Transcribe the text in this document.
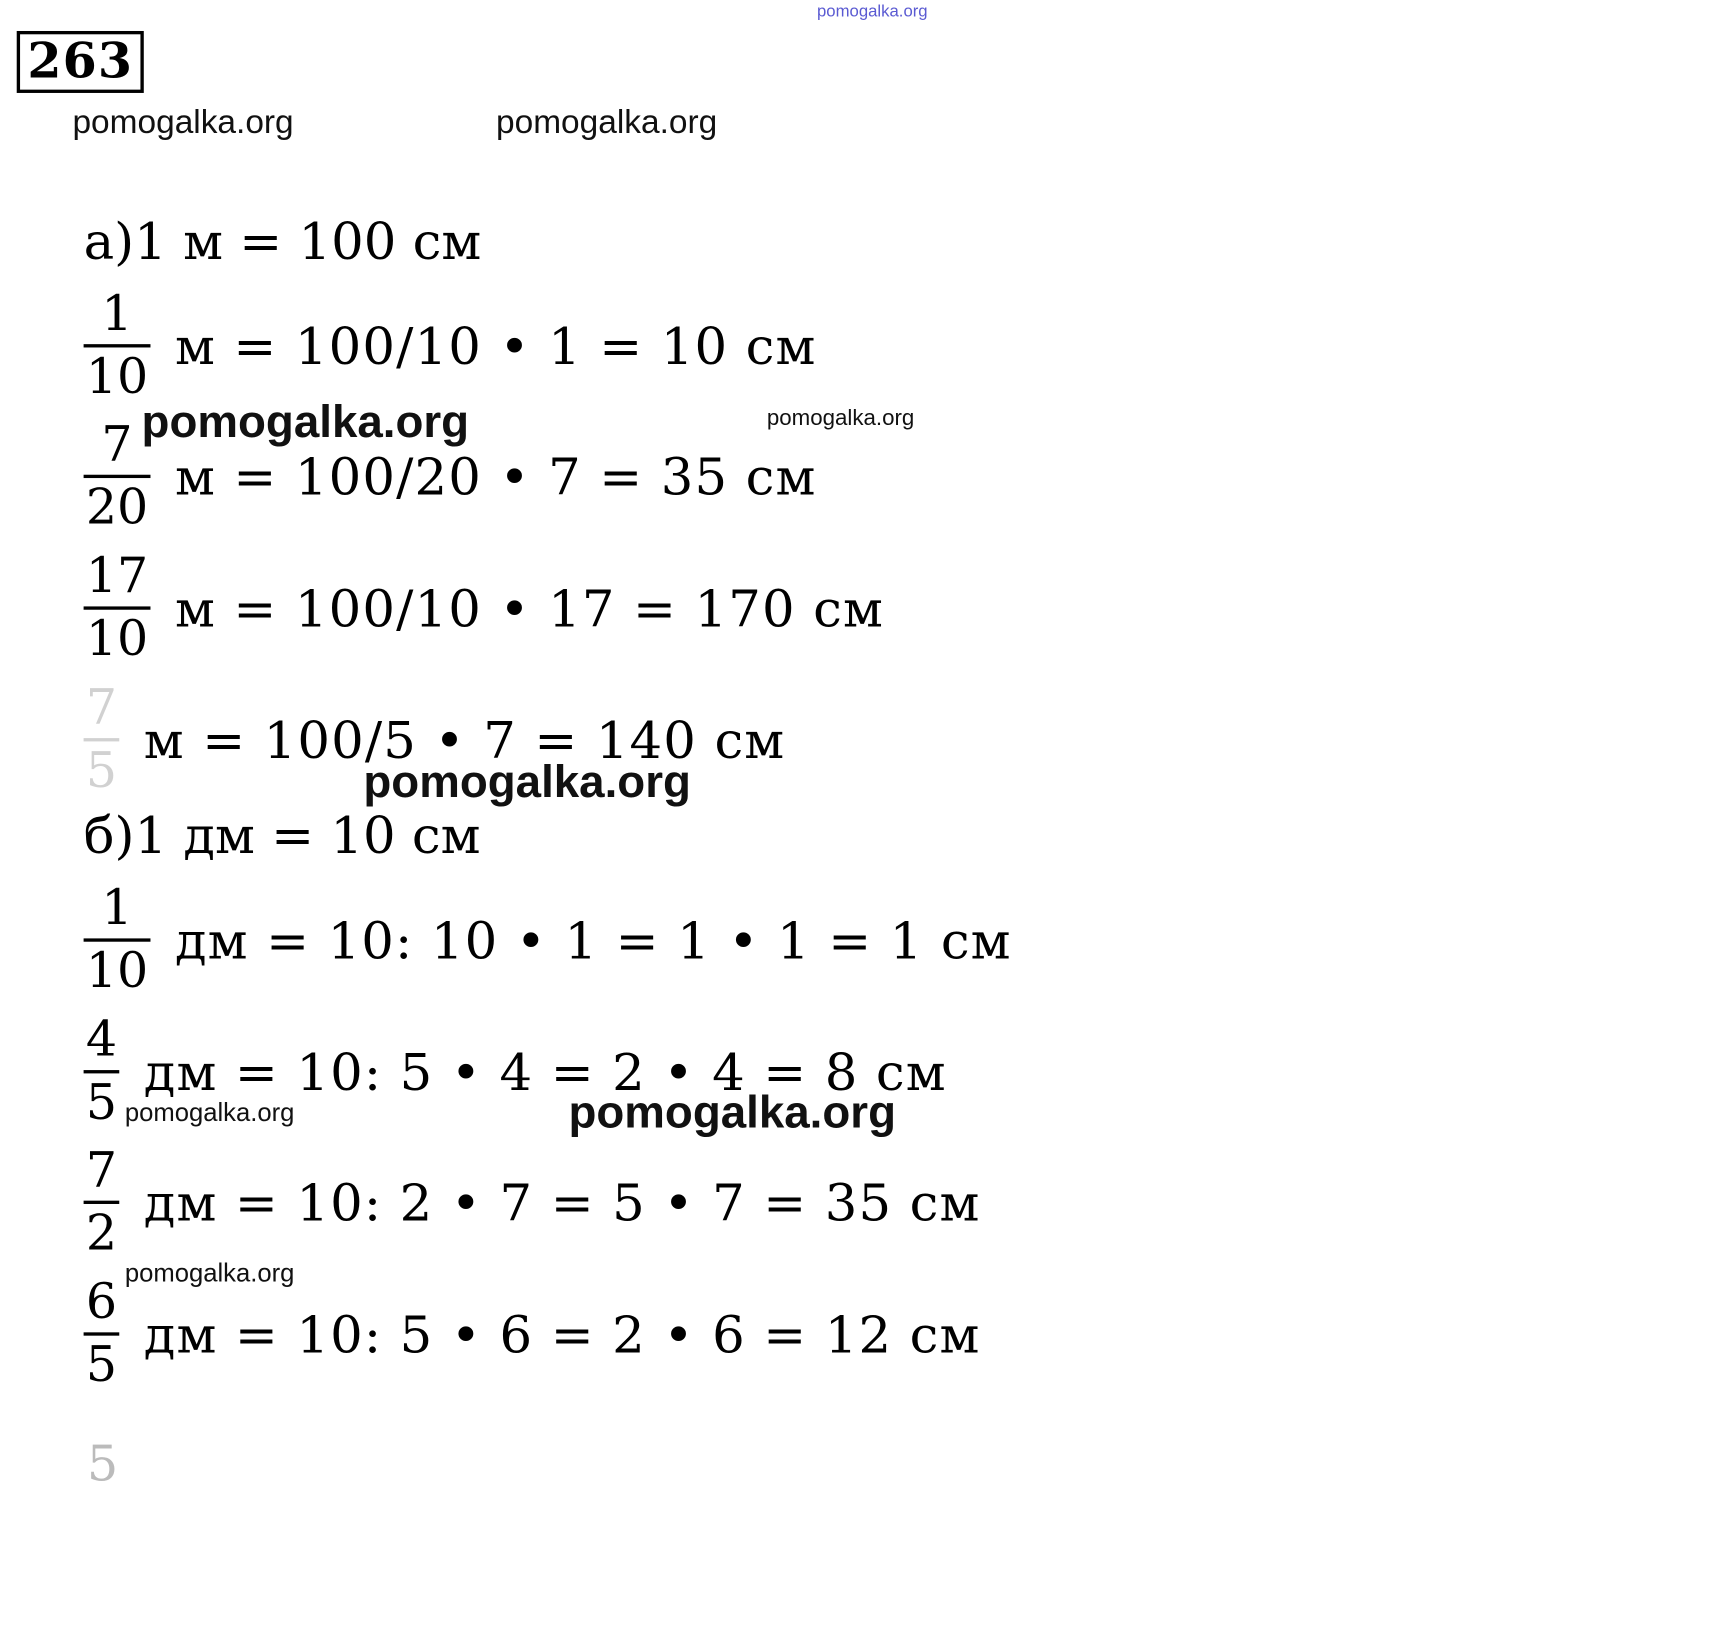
pomogalka.org
263
pomogalka.org	pomogalka.org
а)1 м = 100 см
$\frac{1}{10}$ м = 100/10 • 1 = 10 см
$\frac{7}{20}$ м = 100/20 • 7 = 35 см
$\frac{17}{10}$ м = 100/10 • 17 = 170 см
7
5
м = 100/5 • 7 = 140 см
pomogalka.org	pomogalka.org
б)1 дм = 10 см
pomogalka.org
$\frac{1}{10}$ дм = 10: 10 • 1 = 1 • 1 = 1 см
$\frac{4}{5}$ дм = 10: 5 • 4 = 2 • 4 = 8 см
$\frac{7}{2}$ дм = 10: 2 • 7 = 5 • 7 = 35 см
$\frac{6}{5}$ дм = 10: 5 • 6 = 2 • 6 = 12 см
pomogalka.org	pomogalka.org
pomogalka.org
5
